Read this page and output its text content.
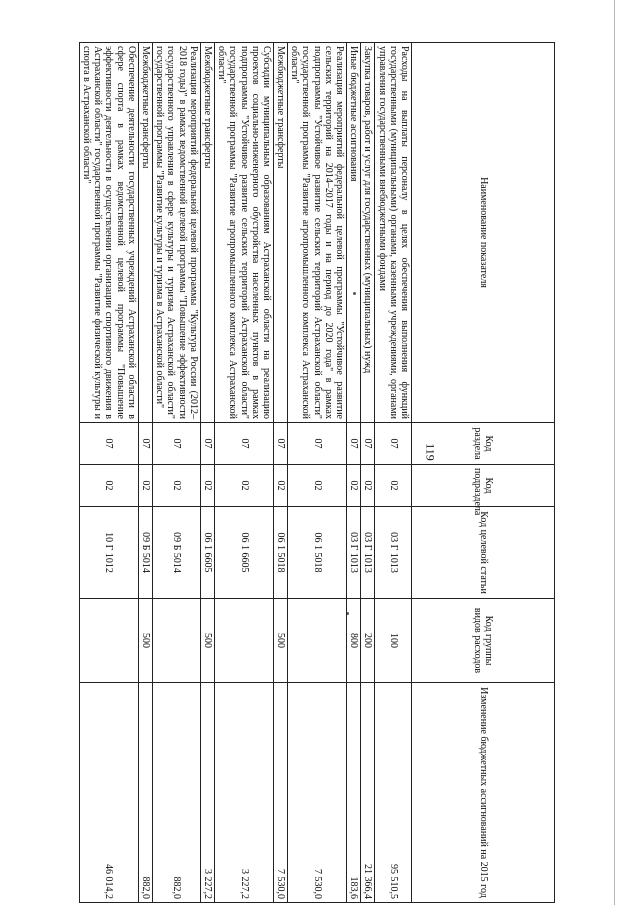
119
Наименование показателя	Код раздела	Код подраздела	Код целевой статьи	Код группы видов расходов	Изменение бюджетных ассигнований на 2015 год
Расходы на выплаты персоналу в целях обеспечения выполнения функций государственными (муниципальными) органами, казенными учреждениями, органами управления государственными внебюджетными фондами	07	02	03 Г 1013	100	95 510,5
Закупка товаров, работ и услуг для государственных (муниципальных) нужд	07	02	03 Г 1013	200	21 366,4
Иные бюджетные ассигнования	07	02	03 Г 1013	800	183,6
Реализация мероприятий федеральной целевой программы "Устойчивое развитие сельских территорий на 2014–2017 годы и на период до 2020 года" в рамках подпрограммы "Устойчивое развитие сельских территорий Астраханской области" государственной программы "Развитие агропромышленного комплекса Астраханской области"	07	02	06 1 5018		7 530,0
Межбюджетные трансферты	07	02	06 1 5018	500	7 530,0
Субсидии муниципальным образованиям Астраханской области на реализацию проектов социально-инженерного обустройства населенных пунктов в рамках подпрограммы "Устойчивое развитие сельских территорий Астраханской области" государственной программы "Развитие агропромышленного комплекса Астраханской области"	07	02	06 1 6605		3 227,2
Межбюджетные трансферты	07	02	06 1 6605	500	3 227,2
Реализация мероприятий федеральной целевой программы "Культура России (2012–2018 годы)" в рамках ведомственной целевой программы "Повышение эффективности государственного управления в сфере культуры и туризма Астраханской области" государственной программы "Развитие культуры и туризма в Астраханской области"	07	02	09 Б 5014		882,0
Межбюджетные трансферты	07	02	09 Б 5014	500	882,0
Обеспечение деятельности государственных учреждений Астраханской области в сфере спорта в рамках ведомственной целевой программы "Повышение эффективности деятельности в осуществлении организации спортивного движения в Астраханской области" государственной программы "Развитие физической культуры и спорта в Астраханской области"	07	02	10 Г 1012		46 014,2
